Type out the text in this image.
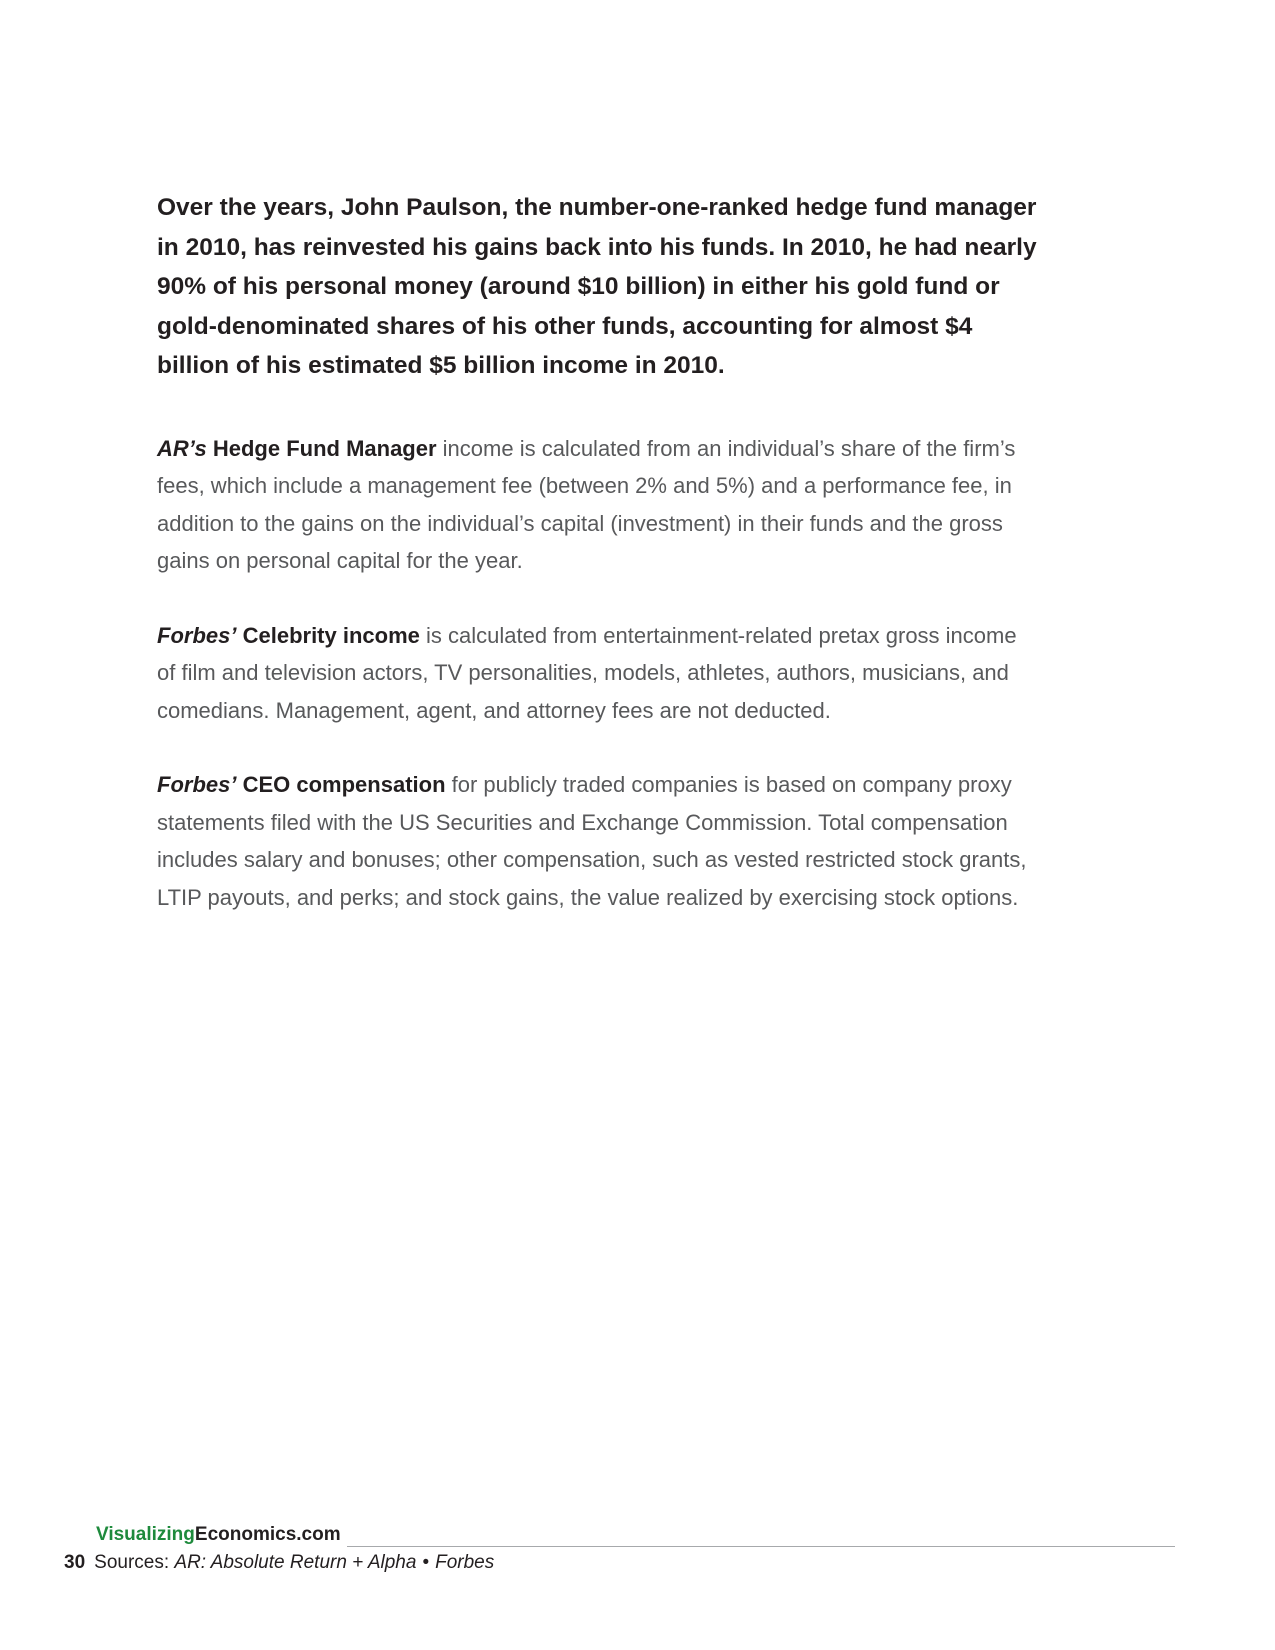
Over the years, John Paulson, the number-one-ranked hedge fund manager in 2010, has reinvested his gains back into his funds. In 2010, he had nearly 90% of his personal money (around $10 billion) in either his gold fund or gold-denominated shares of his other funds, accounting for almost $4 billion of his estimated $5 billion income in 2010.

AR’s Hedge Fund Manager income is calculated from an individual’s share of the firm’s fees, which include a management fee (between 2% and 5%) and a performance fee, in addition to the gains on the individual’s capital (investment) in their funds and the gross gains on personal capital for the year.

Forbes’ Celebrity income is calculated from entertainment-related pretax gross income of film and television actors, TV personalities, models, athletes, authors, musicians, and comedians. Management, agent, and attorney fees are not deducted.

Forbes’ CEO compensation for publicly traded companies is based on company proxy statements filed with the US Securities and Exchange Commission. Total compensation includes salary and bonuses; other compensation, such as vested restricted stock grants, LTIP payouts, and perks; and stock gains, the value realized by exercising stock options.

VisualizingEconomics.com
30 Sources: AR: Absolute Return + Alpha • Forbes
